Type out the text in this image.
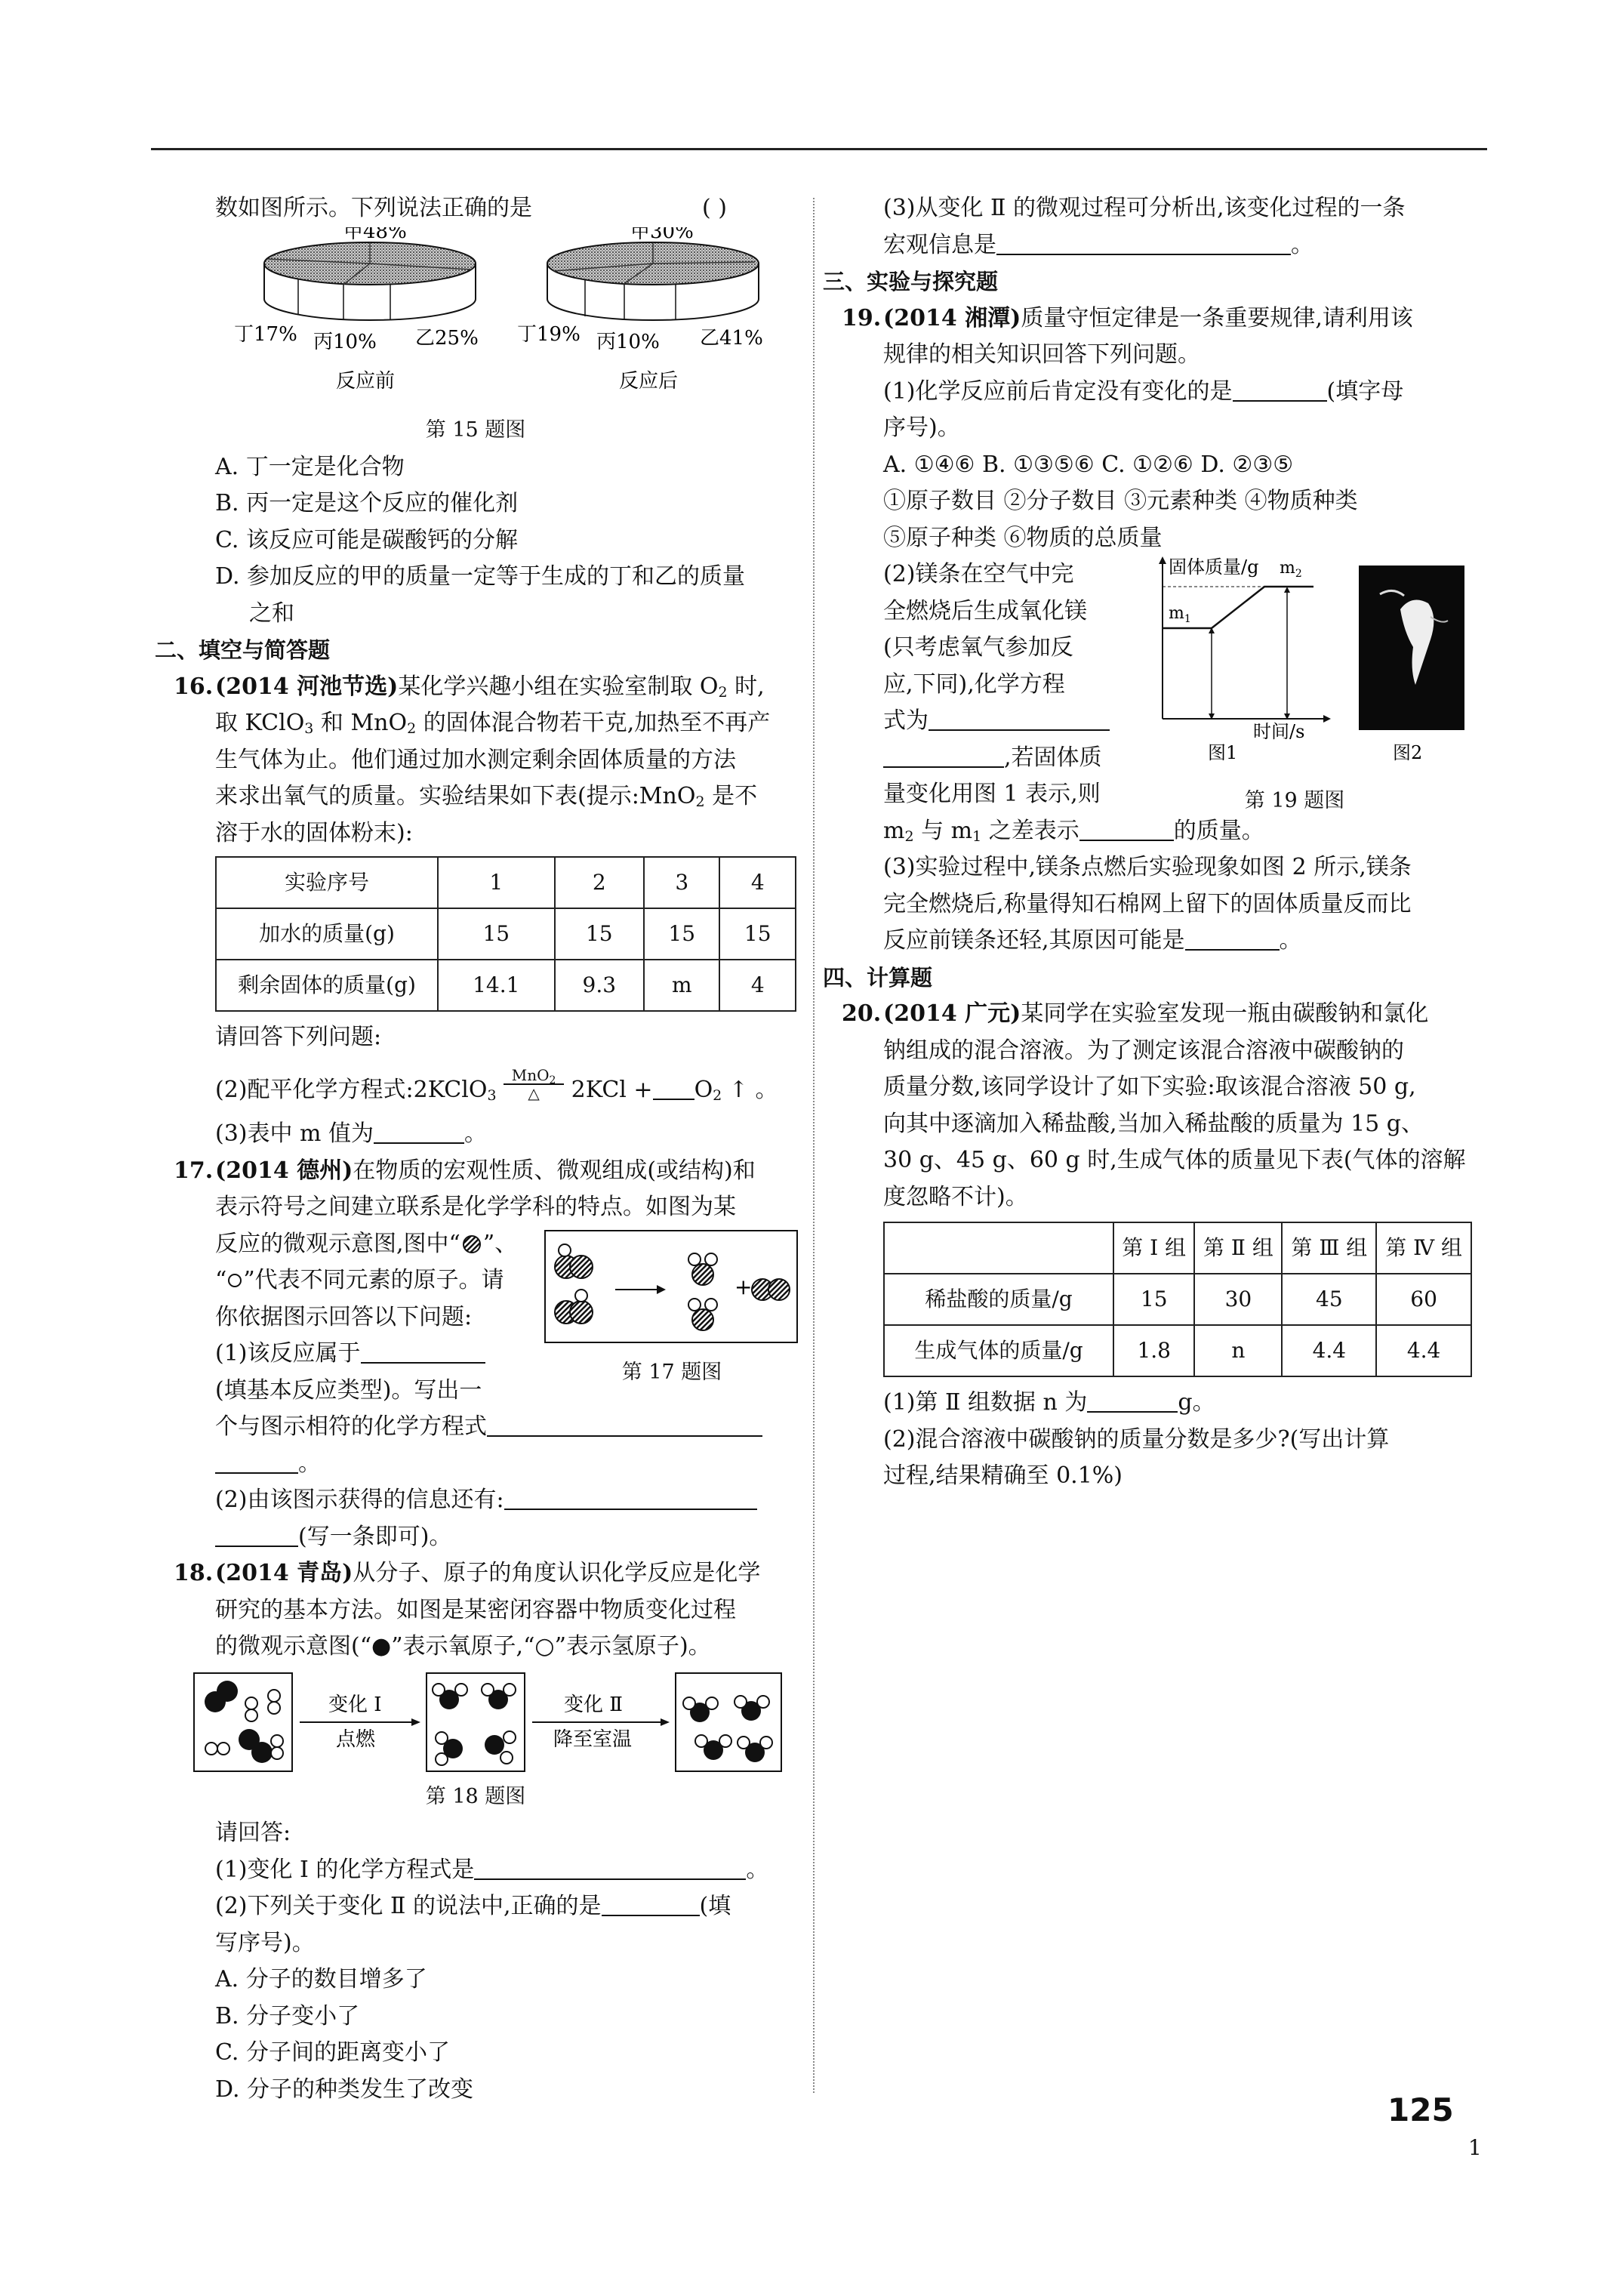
数如图所示。下列说法正确的是	( )
甲48%
丁17% 丙10% 乙25%
反应前
甲30%
丁19% 丙10% 乙41%
反应后
第 15 题图
A. 丁一定是化合物
B. 丙一定是这个反应的催化剂
C. 该反应可能是碳酸钙的分解
D. 参加反应的甲的质量一定等于生成的丁和乙的质量
之和
二、填空与简答题
16.(2014 河池节选)某化学兴趣小组在实验室制取 $O_2$ 时,
取 KClO$_3$ 和 MnO$_2$ 的固体混合物若干克,加热至不再产
生气体为止。他们通过加水测定剩余固体质量的方法
来求出氧气的质量。实验结果如下表(提示:MnO$_2$ 是不
溶于水的固体粉末):
实验序号	1	2	3	4
加水的质量(g)	15	15	15	15
剩余固体的质量(g)	14.1	9.3	m	4
请回答下列问题:
(2)配平化学方程式:2KClO$_3$
MnO$_2$
△	$2KCl + O_2$ ↑ 。
(3)表中 m 值为	。
17.(2014 德州)在物质的宏观性质、微观组成(或结构)和
表示符号之间建立联系是化学学科的特点。如图为某
反应的微观示意图,图中“ ”、
“ ”代表不同元素的原子。请
你依据图示回答以下问题:
(1)该反应属于
(填基本反应类型)。写出一
+
第 17 题图
个与图示相符的化学方程式
。
(2)由该图示获得的信息还有:
(写一条即可)。
18.(2014 青岛)从分子、原子的角度认识化学反应是化学
研究的基本方法。如图是某密闭容器中物质变化过程
的微观示意图(“●”表示氧原子,“○”表示氢原子)。
变化 Ⅰ
点燃
变化 Ⅱ
降至室温
第 18 题图
请回答:
(1)变化 Ⅰ 的化学方程式是	。
(2)下列关于变化 Ⅱ 的说法中,正确的是	(填
写序号)。
A. 分子的数目增多了
B. 分子变小了
C. 分子间的距离变小了
D. 分子的种类发生了改变
(3)从变化 Ⅱ 的微观过程可分析出,该变化过程的一条
宏观信息是	。
三、实验与探究题
19.(2014 湘潭)质量守恒定律是一条重要规律,请利用该
规律的相关知识回答下列问题。
(1)化学反应前后肯定没有变化的是	(填字母
序号)。
A. ①④⑥ B. ①③⑤⑥ C. ①②⑥ D. ②③⑤
①原子数目 ②分子数目 ③元素种类 ④物质种类
⑤原子种类 ⑥物质的总质量
(2)镁条在空气中完
全燃烧后生成氧化镁
(只考虑氧气参加反
应,下同),化学方程
式为
,若固体质
量变化用图 1 表示,则
固体质量/g $m_2$
$m_1$
时间/s
图1	图2
第 19 题图
$m_2$ 与 $m_1$ 之差表示	的质量。
(3)实验过程中,镁条点燃后实验现象如图 2 所示,镁条
完全燃烧后,称量得知石棉网上留下的固体质量反而比
反应前镁条还轻,其原因可能是	。
四、计算题
20.(2014 广元)某同学在实验室发现一瓶由碳酸钠和氯化
钠组成的混合溶液。为了测定该混合溶液中碳酸钠的
质量分数,该同学设计了如下实验:取该混合溶液 50 g,
向其中逐滴加入稀盐酸,当加入稀盐酸的质量为 15 g、
30 g、45 g、60 g 时,生成气体的质量见下表(气体的溶解
度忽略不计)。
	第 Ⅰ 组	第 Ⅱ 组	第 Ⅲ 组	第 Ⅳ 组
稀盐酸的质量/g	15	30	45	60
生成气体的质量/g	1.8	n	4.4	4.4
(1)第 Ⅱ 组数据 n 为	g。
(2)混合溶液中碳酸钠的质量分数是多少?(写出计算
过程,结果精确至 0.1%)
125
1
